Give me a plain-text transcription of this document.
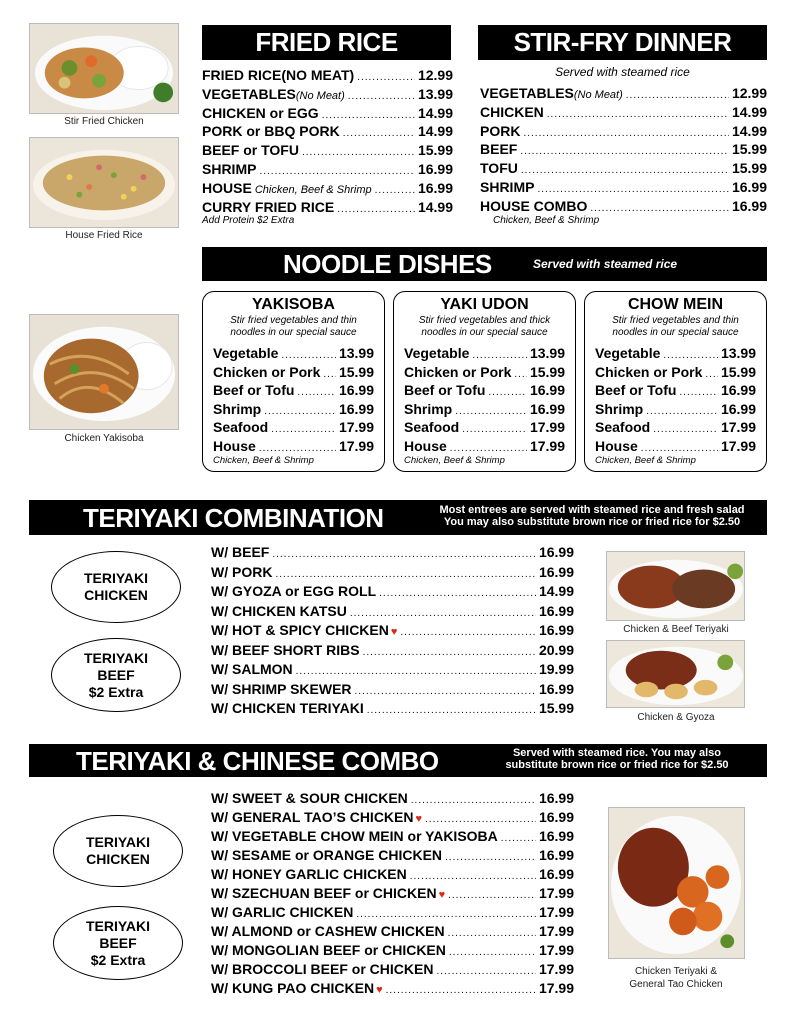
Stir Fried Chicken
House Fried Rice
Chicken Yakisoba
FRIED RICE
FRIED RICE(NO MEAT) .....	12.99
VEGETABLES(No Meat) .....	13.99
CHICKEN or EGG .....	14.99
PORK or BBQ PORK .....	14.99
BEEF or TOFU .....	15.99
SHRIMP .....	16.99
HOUSE Chicken, Beef & Shrimp .....	16.99
CURRY FRIED RICE .....	14.99
Add Protein $2 Extra
STIR-FRY DINNER
Served with steamed rice
VEGETABLES(No Meat) .....	12.99
CHICKEN .....	14.99
PORK .....	14.99
BEEF .....	15.99
TOFU .....	15.99
SHRIMP .....	16.99
HOUSE COMBO .....	16.99
Chicken, Beef & Shrimp
NOODLE DISHES	Served with steamed rice
YAKISOBA
Stir fried vegetables and thin
noodles in our special sauce
Vegetable .....	13.99
Chicken or Pork ..... 15.99
Beef or Tofu .....	16.99
Shrimp .....	16.99
Seafood .....	17.99
House .....	17.99
Chicken, Beef & Shrimp
YAKI UDON
Stir fried vegetables and thick
noodles in our special sauce
Vegetable .....	13.99
Chicken or Pork ..... 15.99
Beef or Tofu .....	16.99
Shrimp .....	16.99
Seafood .....	17.99
House .....	17.99
Chicken, Beef & Shrimp
CHOW MEIN
Stir fried vegetables and thin
noodles in our special sauce
Vegetable .....	13.99
Chicken or Pork ..... 15.99
Beef or Tofu .....	16.99
Shrimp .....	16.99
Seafood .....	17.99
House .....	17.99
Chicken, Beef & Shrimp
TERIYAKI COMBINATION	Most entrees are served with steamed rice and fresh salad
You may also substitute brown rice or fried rice for $2.50
TERIYAKI
CHICKEN
TERIYAKI
BEEF
$2 Extra
W/ BEEF .....	16.99
W/ PORK .....	16.99
W/ GYOZA or EGG ROLL .....	14.99
W/ CHICKEN KATSU .....	16.99
W/ HOT & SPICY CHICKEN ♥ .....	16.99
W/ BEEF SHORT RIBS .....	20.99
W/ SALMON .....	19.99
W/ SHRIMP SKEWER .....	16.99
W/ CHICKEN TERIYAKI .....	15.99
Chicken & Beef Teriyaki
Chicken & Gyoza
TERIYAKI & CHINESE COMBO	Served with steamed rice. You may also
substitute brown rice or fried rice for $2.50
TERIYAKI
CHICKEN
TERIYAKI
BEEF
$2 Extra
W/ SWEET & SOUR CHICKEN .....	16.99
W/ GENERAL TAO’S CHICKEN ♥ .....	16.99
W/ VEGETABLE CHOW MEIN or YAKISOBA .....	16.99
W/ SESAME or ORANGE CHICKEN .....	16.99
W/ HONEY GARLIC CHICKEN .....	16.99
W/ SZECHUAN BEEF or CHICKEN ♥ .....	17.99
W/ GARLIC CHICKEN .....	17.99
W/ ALMOND or CASHEW CHICKEN .....	17.99
W/ MONGOLIAN BEEF or CHICKEN .....	17.99
W/ BROCCOLI BEEF or CHICKEN .....	17.99
W/ KUNG PAO CHICKEN ♥ .....	17.99
Chicken Teriyaki &
General Tao Chicken
